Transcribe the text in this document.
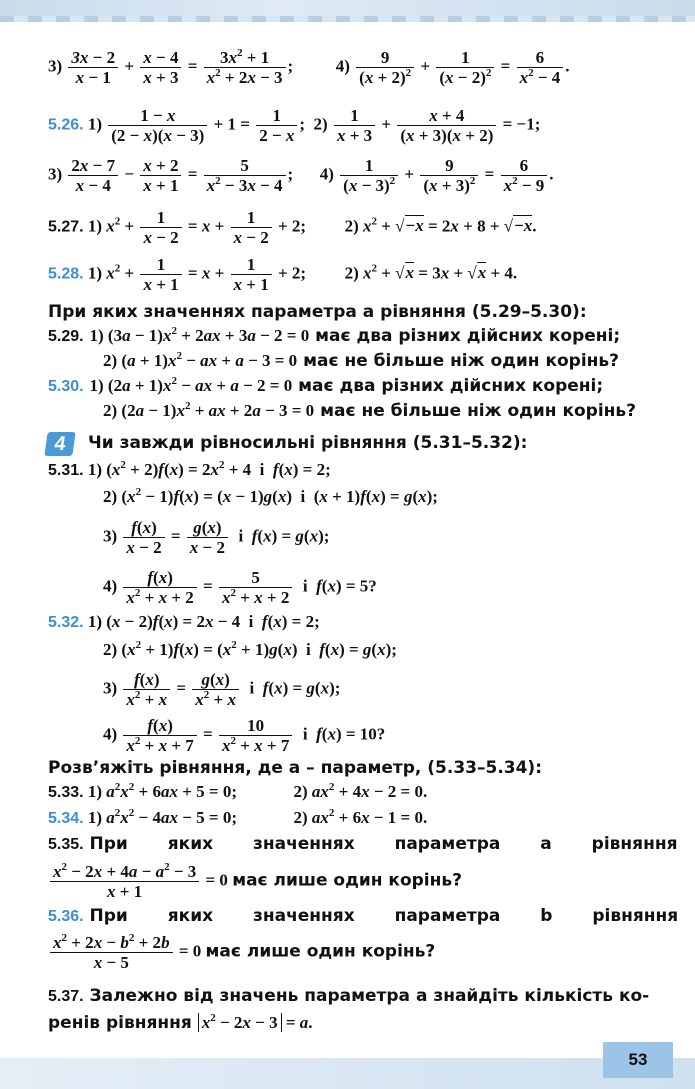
$3) \frac{3x - 2}{x - 1} + \frac{x - 4}{x + 3} = \frac{3x^2 + 1}{x^2 + 2x - 3}$ ;  $4) \frac{9}{(x + 2)^2} + \frac{1}{(x - 2)^2} = \frac{6}{x^2 - 4}$ .
5.26. $1) \frac{1 - x}{(2 - x)(x - 3)} + 1 = \frac{1}{2 - x}$ ;  $2) \frac{1}{x + 3} + \frac{x + 4}{(x + 3)(x + 2)} = -1$;
$3) \frac{2x - 7}{x - 4} - \frac{x + 2}{x + 1} = \frac{5}{x^2 - 3x - 4}$ ;  $4) \frac{1}{(x - 3)^2} + \frac{9}{(x + 3)^2} = \frac{6}{x^2 - 9}$ .
5.27. 1) $x^2 + \frac{1}{x - 2} = x + \frac{1}{x - 2} + 2$;  2) $x^2 + √-x = 2x + 8 + √-x$.
5.28. 1) $x^2 + \frac{1}{x + 1} = x + \frac{1}{x + 1} + 2$;  2) $x^2 + √x = 3x + √x + 4$.
При яких значеннях параметра a рівняння (5.29–5.30):
5.29. 1) $(3a - 1)x^2 + 2ax + 3a - 2 = 0$ має два різних дійсних корені;
2) $(a + 1)x^2$ − ax + a − 3 = 0 має не більше ніж один корінь?
5.30. 1) $(2a + 1)x^2$ − ax + a − 2 = 0 має два різних дійсних корені;
2) $(2a - 1)x^2$ + ax + 2a − 3 = 0 має не більше ніж один корінь?
4	Чи завжди рівносильні рівняння (5.31–5.32):
5.31. 1) $(x^2 + 2)f(x) = 2x^2 + 4$  і  f(x) = 2;
2) $(x^2 - 1)f(x) = (x - 1)g(x)$  і  (x + 1)f(x) = g(x);
$3) \frac{f(x)}{x - 2} = \frac{g(x)}{x - 2}$ і  f(x) = g(x);
$4) \frac{f(x)}{x^2 + x + 2} = \frac{5}{x^2 + x + 2}$ і  f(x) = 5?
5.32. 1) (x − 2)f(x) = 2x − 4  і  f(x) = 2;
2) $(x^2 + 1)f(x) = (x^2 + 1)g(x)$  і  f(x) = g(x);
$3) \frac{f(x)}{x^2 + x} = \frac{g(x)}{x^2 + x}$ і  f(x) = g(x);
$4) \frac{f(x)}{x^2 + x + 7} = \frac{10}{x^2 + x + 7}$ і  f(x) = 10?
Розв’яжіть рівняння, де a – параметр, (5.33–5.34):
5.33. 1) $a^2x^2 + 6ax + 5 = 0$;	2) $ax^2 + 4x - 2 = 0$.
5.34. 1) $a^2x^2 - 4ax - 5 = 0$;	2) $ax^2 + 6x - 1 = 0$.
5.35. При яких значеннях параметра a рівняння
$\frac{x^2 - 2x + 4a - a^2 - 3}{x + 1} = 0$ має лише один корінь?
5.36. При яких значеннях параметра b рівняння
$\frac{x^2 + 2x - b^2 + 2b}{x - 5} = 0$ має лише один корінь?
5.37. Залежно від значень параметра a знайдіть кількість ко-
ренів рівняння $x^2 - 2x - 3 = a$.
53
